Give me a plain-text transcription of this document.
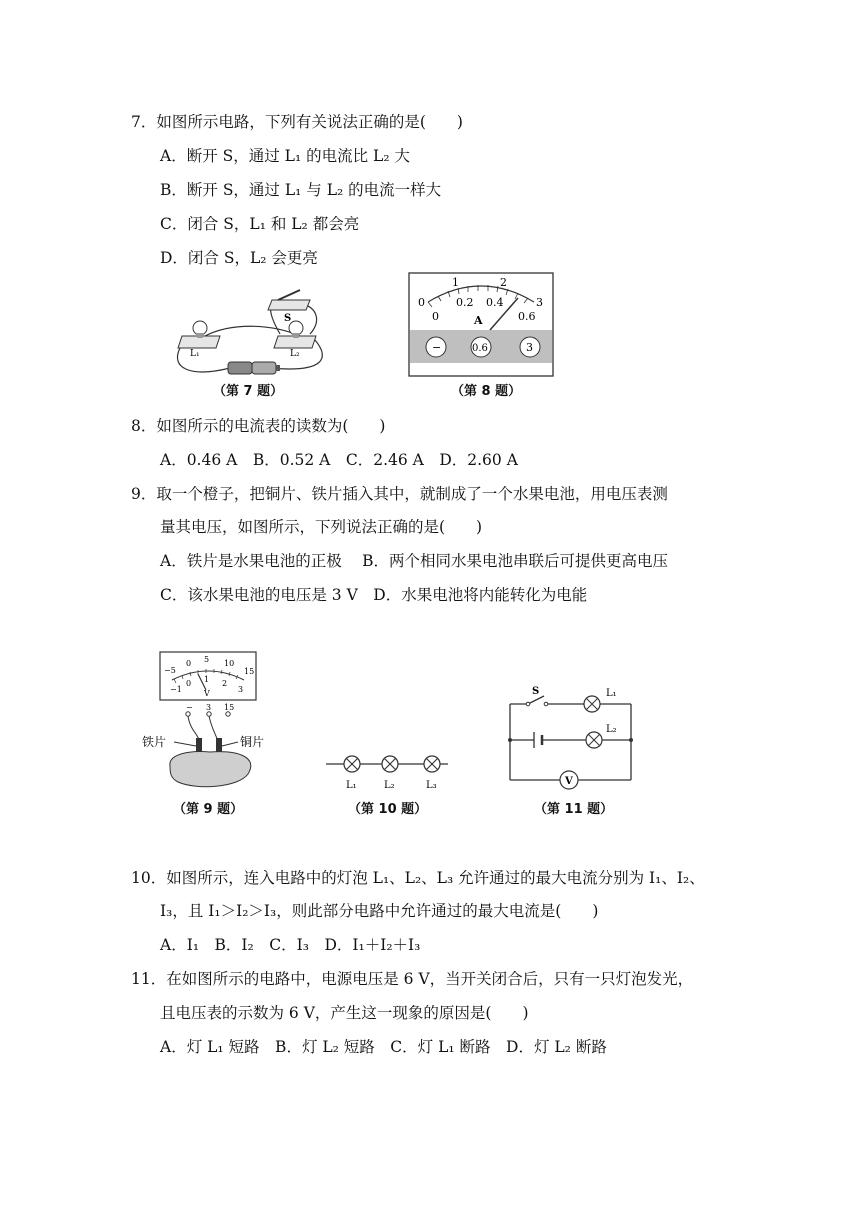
7．如图所示电路，下列有关说法正确的是(　　)
A．断开 S，通过 L₁ 的电流比 L₂ 大
B．断开 S，通过 L₁ 与 L₂ 的电流一样大
C．闭合 S，L₁ 和 L₂ 都会亮
D．闭合 S，L₂ 会更亮
L₁	L₂
S
（第 7 题）
0
1	2
3
0
0.2 0.4
0.6
A
−	0.6	3
（第 8 题）
8．如图所示的电流表的读数为(　　)
A．0.46 A　B．0.52 A　C．2.46 A　D．2.60 A
9．取一个橙子，把铜片、铁片插入其中，就制成了一个水果电池，用电压表测
量其电压，如图所示，下列说法正确的是(　　)
A．铁片是水果电池的正极　 B．两个相同水果电池串联后可提供更高电压
C．该水果电池的电压是 3 V　D．水果电池将内能转化为电能
−5
0 5 10
15
−1
0 1 2
3
V
− 3 15
铁片	铜片
（第 9 题）
L₁	L₂	L₃
（第 10 题）
V
S	L₁
L₂
（第 11 题）
10．如图所示，连入电路中的灯泡 L₁、L₂、L₃ 允许通过的最大电流分别为 I₁、I₂、
I₃，且 I₁＞I₂＞I₃，则此部分电路中允许通过的最大电流是(　　)
A．I₁　B．I₂　C．I₃　D．I₁＋I₂＋I₃
11．在如图所示的电路中，电源电压是 6 V，当开关闭合后，只有一只灯泡发光，
且电压表的示数为 6 V，产生这一现象的原因是(　　)
A．灯 L₁ 短路　B．灯 L₂ 短路　C．灯 L₁ 断路　D．灯 L₂ 断路
